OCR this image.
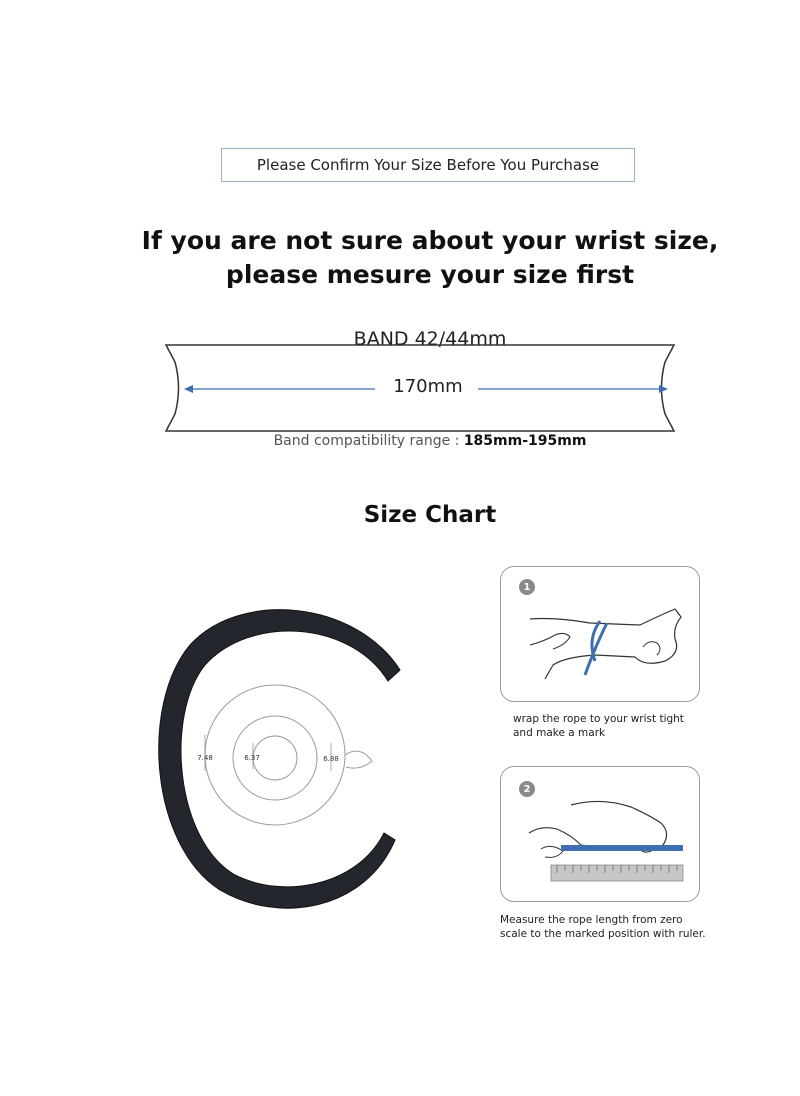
Please Confirm Your Size Before You Purchase
If you are not sure about your wrist size,
please mesure your size first
BAND 42/44mm
170mm
Band compatibility range : 185mm-195mm
Size Chart
7.48	6.37	6.88
1
wrap the rope to your wrist tight
and make a mark
2
Measure the rope length from zero
scale to the marked position with ruler.
